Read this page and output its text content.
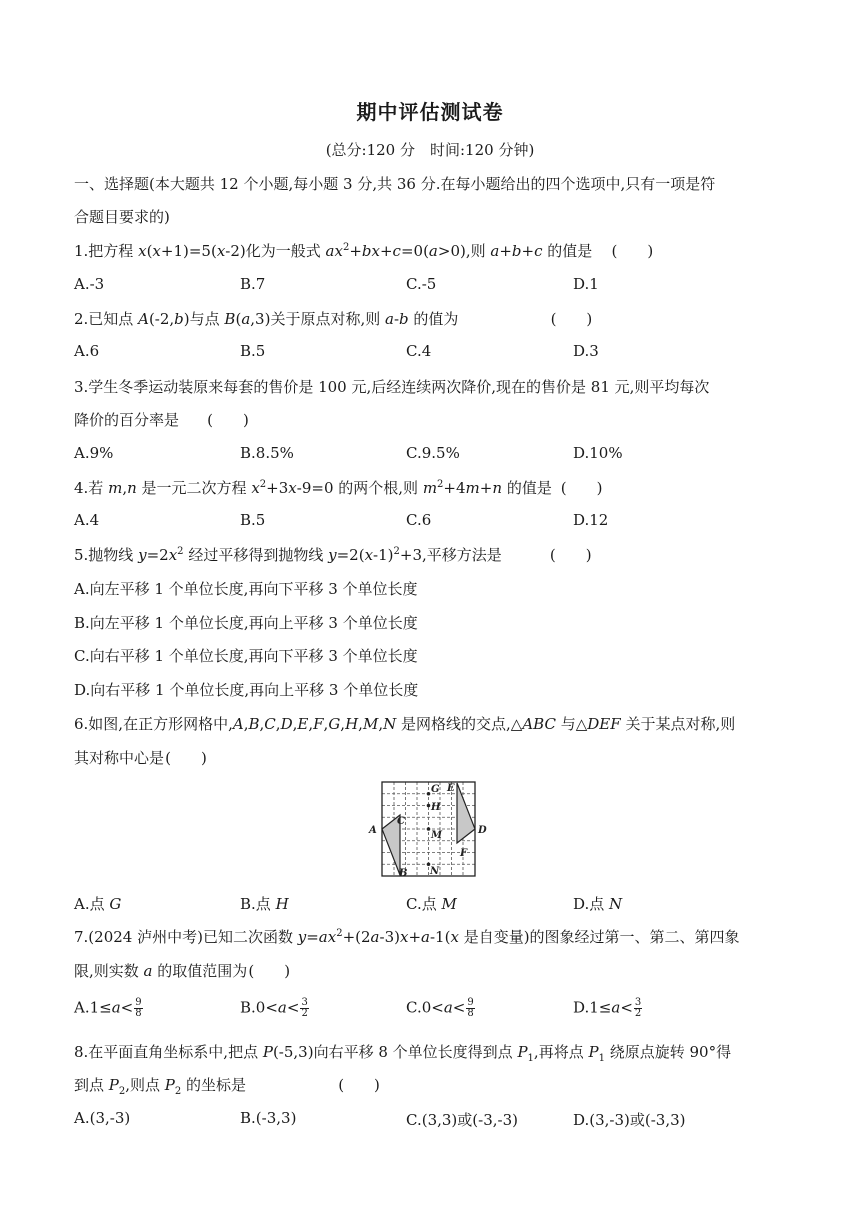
期中评估测试卷
(总分:120 分　时间:120 分钟)
一、选择题(本大题共 12 个小题,每小题 3 分,共 36 分.在每小题给出的四个选项中,只有一项是符
合题目要求的)
1.把方程 x(x+1)=5(x-2)化为一般式 $ax^2+bx+c=0(a>0)$,则 a+b+c 的值是　 (　　)
A.-3	B.7	C.-5	D.1
2.已知点 A(-2,b)与点 B(a,3)关于原点对称,则 a-b 的值为	(　　)
A.6	B.5	C.4	D.3
3.学生冬季运动装原来每套的售价是 100 元,后经连续两次降价,现在的售价是 81 元,则平均每次
降价的百分率是 (　　)
A.9%	B.8.5%	C.9.5%	D.10%
4.若 m,n 是一元二次方程 $x^2+3x-9=0$ 的两个根,则 $m^2+4m+n$ 的值是 (　　)
A.4	B.5	C.6	D.12
5.抛物线 $y=2x^2$ 经过平移得到抛物线 $y=2(x-1)^2+3$,平移方法是	(　　)
A.向左平移 1 个单位长度,再向下平移 3 个单位长度
B.向左平移 1 个单位长度,再向上平移 3 个单位长度
C.向右平移 1 个单位长度,再向下平移 3 个单位长度
D.向右平移 1 个单位长度,再向上平移 3 个单位长度
6.如图,在正方形网格中,A,B,C,D,E,F,G,H,M,N 是网格线的交点,△ABC 与△DEF 关于某点对称,则
其对称中心是(　　)
G E
H
A
C
M	D
F
B N
A.点 G	B.点 H	C.点 M	D.点 N
7.(2024 泸州中考)已知二次函数 $y=ax^2+(2a-3)x+a-1(x$ 是自变量)的图象经过第一、第二、第四象
限,则实数 a 的取值范围为(　　)
$A.1\le a< \frac{9}{8}$	$B.0<a< \frac{3}{2}$	$C.0<a< \frac{9}{8}$	$D.1\le a< \frac{3}{2}$
8.在平面直角坐标系中,把点 P(-5,3)向右平移 8 个单位长度得到点 $P_1$,再将点 $P_1$ 绕原点旋转 90°得
到点 $P_2$,则点 $P_2$ 的坐标是	(　　)
A.(3,-3)	B.(-3,3)	C.(3,3)或(-3,-3)	D.(3,-3)或(-3,3)
